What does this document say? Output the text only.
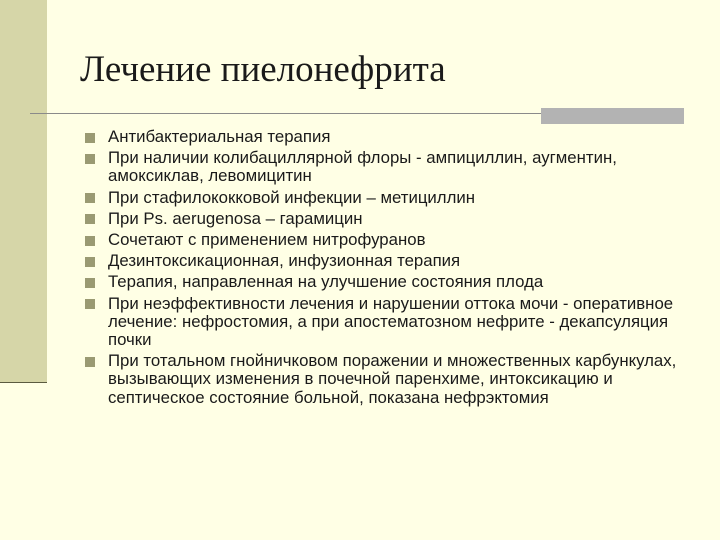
Лечение пиелонефрита
Антибактериальная терапия
При наличии колибациллярной флоры - ампициллин, аугментин, амоксиклав, левомицитин
При стафилококковой инфекции – метициллин
При Ps. aerugenosa – гарамицин
Сочетают с применением нитрофуранов
Дезинтоксикационная, инфузионная терапия
Терапия, направленная на улучшение состояния плода
При неэффективности лечения и нарушении оттока мочи - оперативное лечение: нефростомия, а при апостематозном нефрите - декапсуляция почки
При тотальном гнойничковом поражении и множественных карбункулах, вызывающих изменения в почечной паренхиме, интоксикацию и септическое состояние больной, показана нефрэктомия
